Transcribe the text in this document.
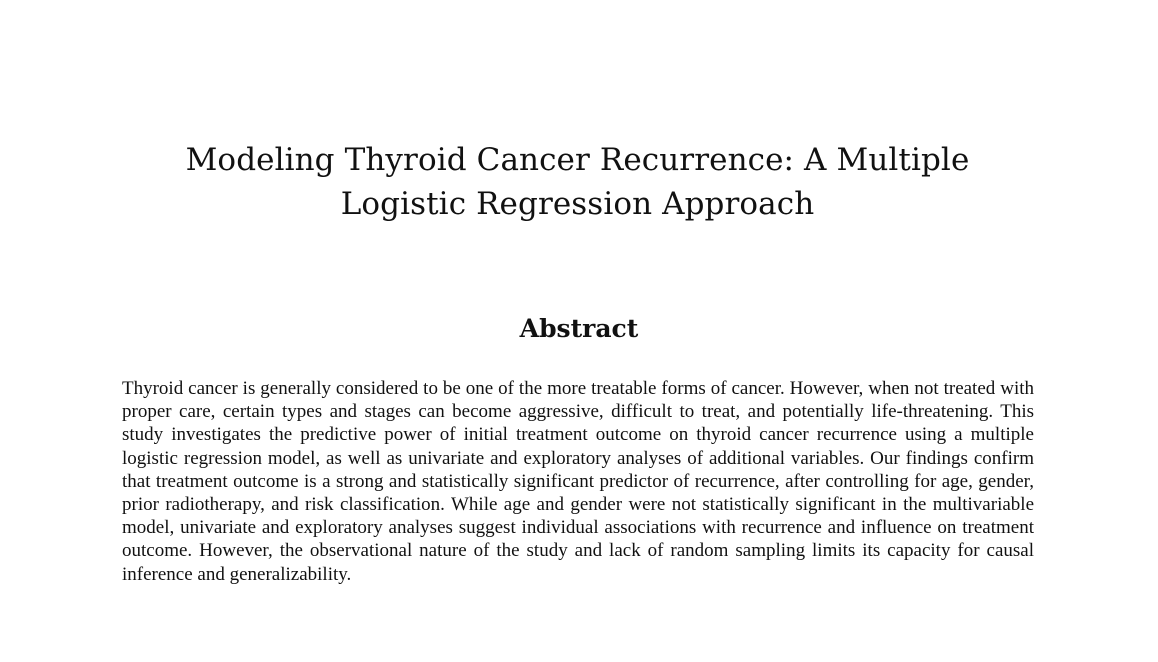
Modeling Thyroid Cancer Recurrence: A Multiple Logistic Regression Approach
Abstract

Thyroid cancer is generally considered to be one of the more treatable forms of cancer. However, when not treated with proper care, certain types and stages can become aggressive, difficult to treat, and potentially life-threatening. This study investigates the predictive power of initial treatment outcome on thyroid cancer recurrence using a multiple logistic regression model, as well as univariate and exploratory analyses of additional variables. Our findings confirm that treatment outcome is a strong and statistically significant predictor of recurrence, after controlling for age, gender, prior radiotherapy, and risk classification. While age and gender were not statistically significant in the multivariable model, univariate and exploratory analyses suggest individual associations with recurrence and influence on treatment outcome. However, the observational nature of the study and lack of random sampling limits its capacity for causal inference and generalizability.
